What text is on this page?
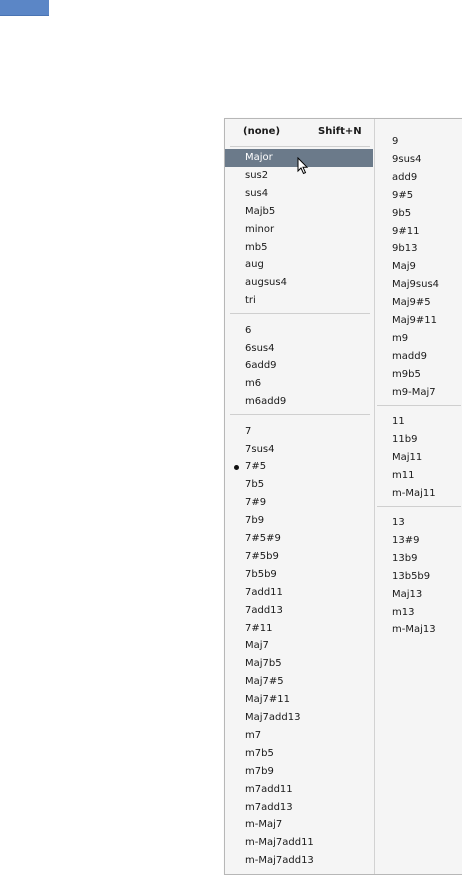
(none)	Shift+N
Major
sus2
sus4
Majb5
minor
mb5
aug
augsus4
tri
6
6sus4
6add9
m6
m6add9
7
7sus4
7#5
7b5
7#9
7b9
7#5#9
7#5b9
7b5b9
7add11
7add13
7#11
Maj7
Maj7b5
Maj7#5
Maj7#11
Maj7add13
m7
m7b5
m7b9
m7add11
m7add13
m-Maj7
m-Maj7add11
m-Maj7add13
9
9sus4
add9
9#5
9b5
9#11
9b13
Maj9
Maj9sus4
Maj9#5
Maj9#11
m9
madd9
m9b5
m9-Maj7
11
11b9
Maj11
m11
m-Maj11
13
13#9
13b9
13b5b9
Maj13
m13
m-Maj13
